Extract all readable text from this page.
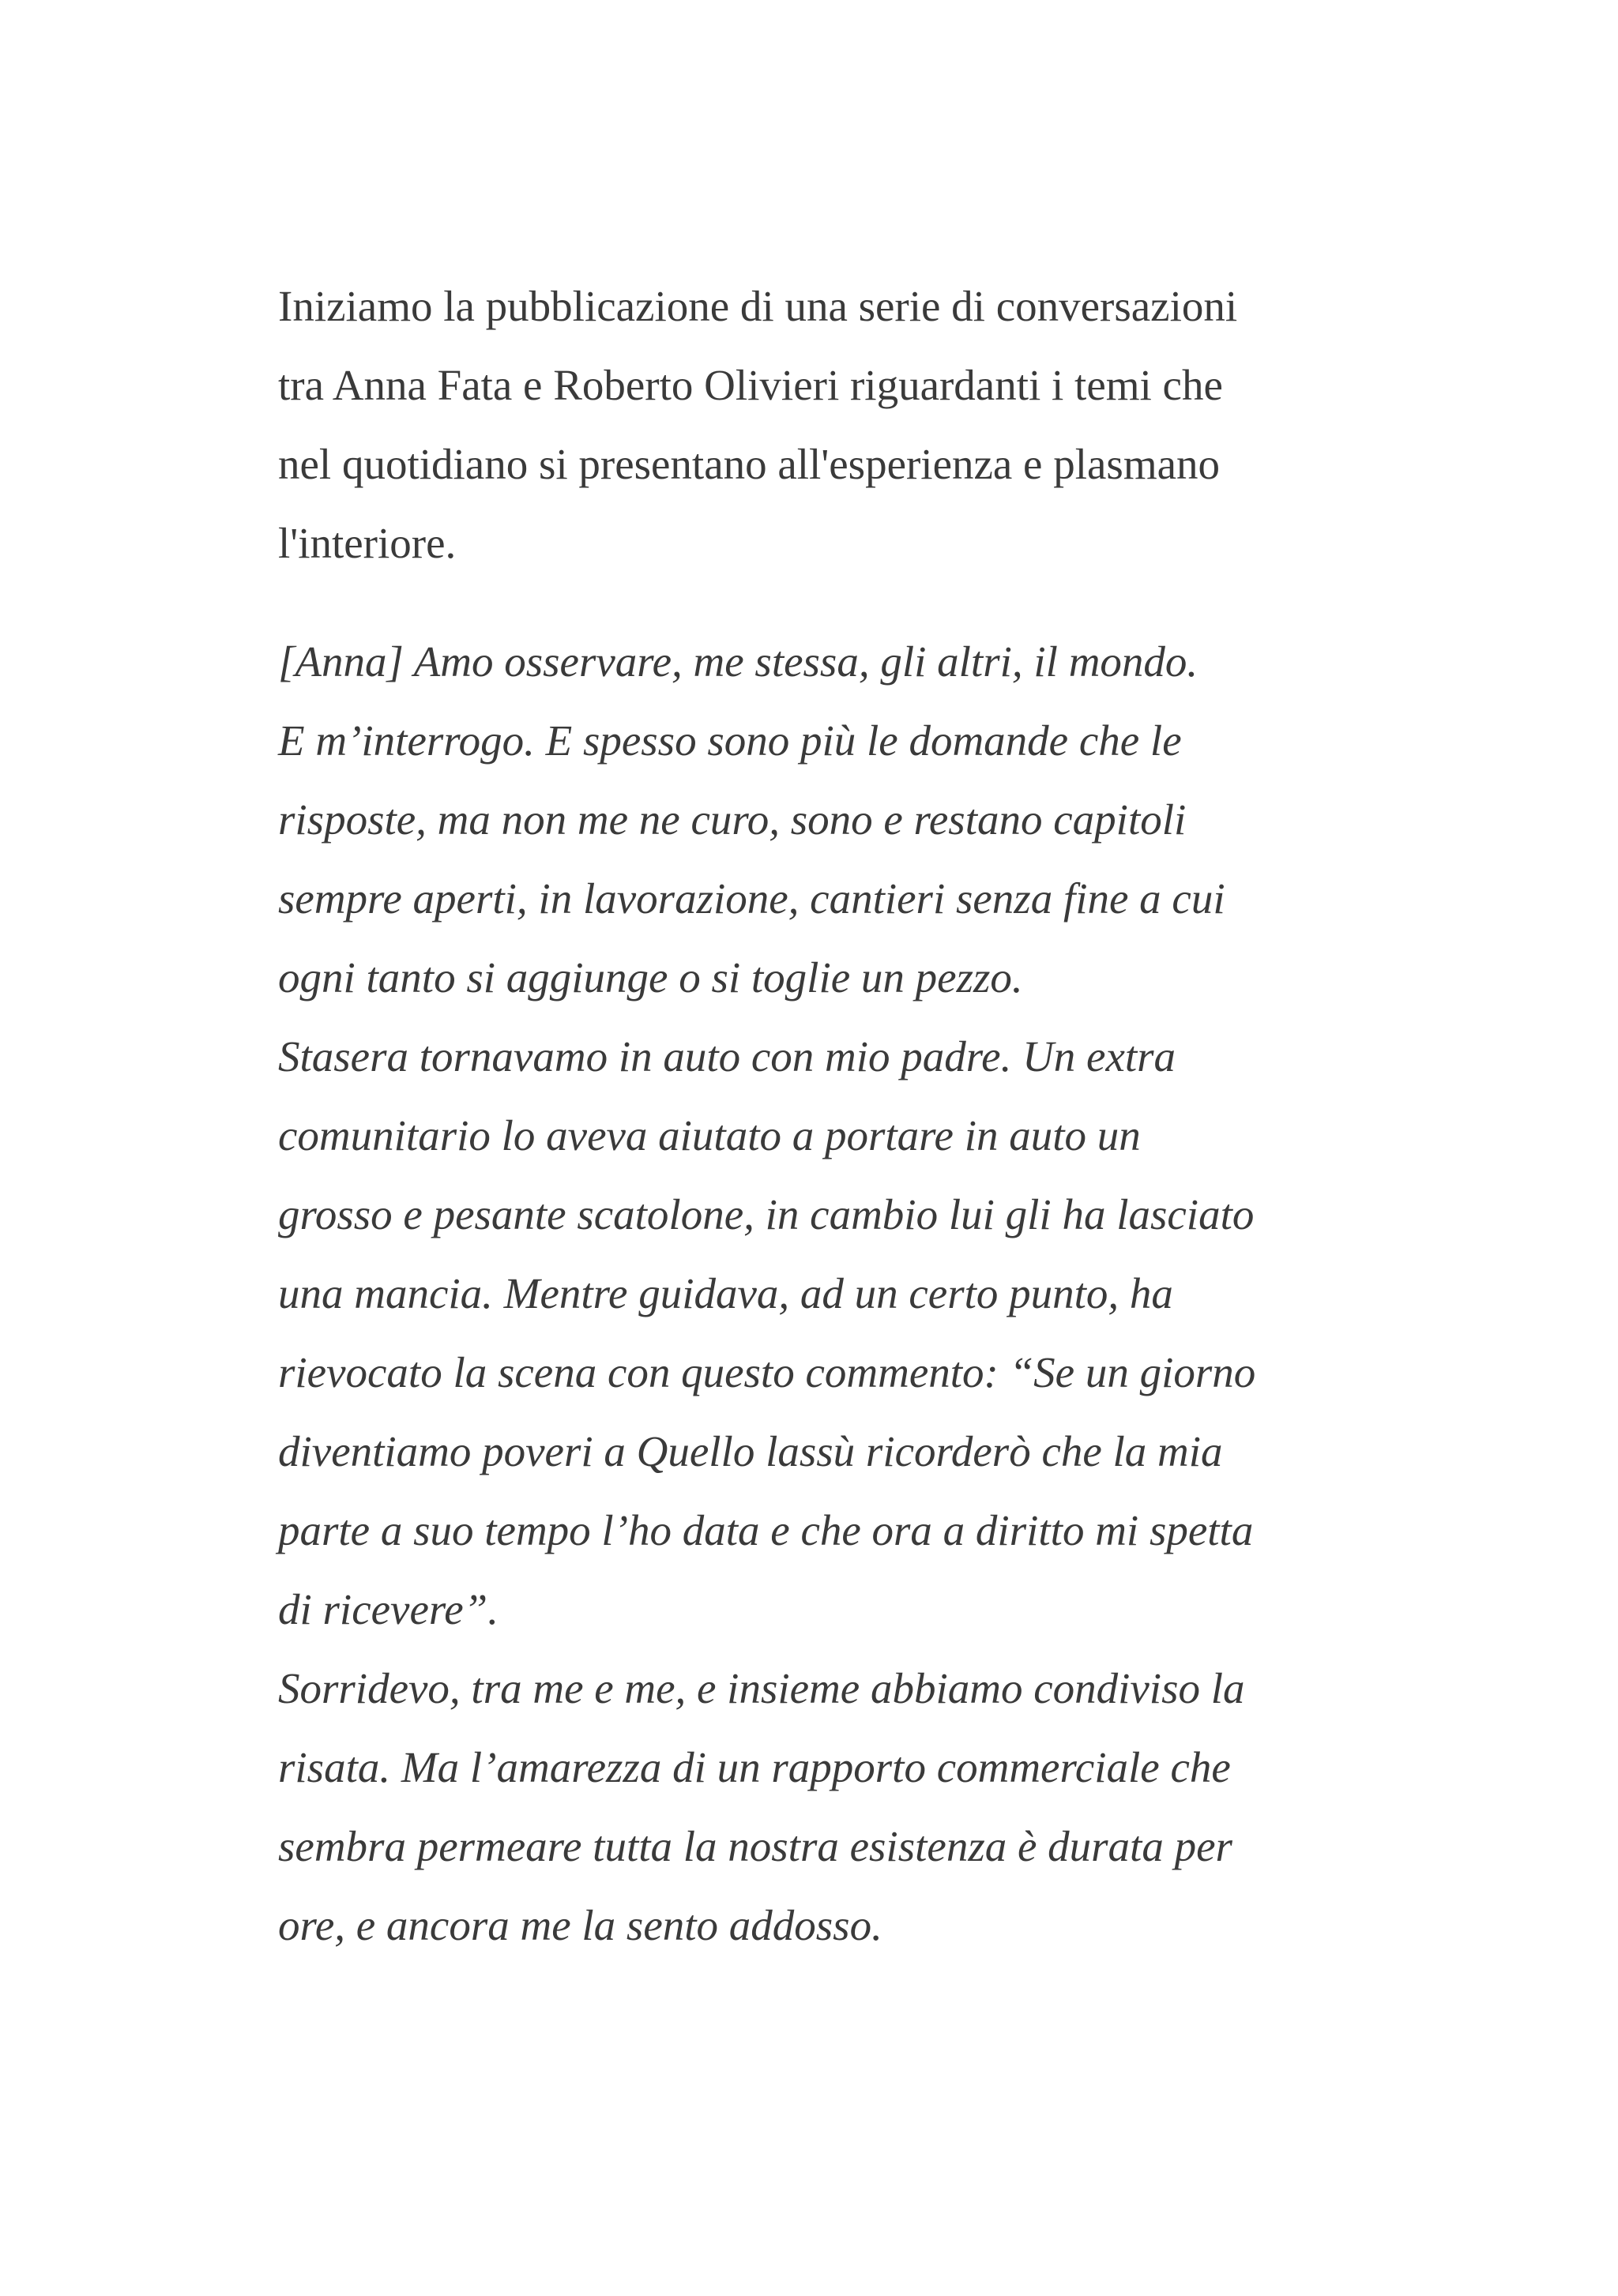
Iniziamo la pubblicazione di una serie di conversazioni
tra Anna Fata e Roberto Olivieri riguardanti i temi che
nel quotidiano si presentano all'esperienza e plasmano
l'interiore.
[Anna] Amo osservare, me stessa, gli altri, il mondo.
E m’interrogo. E spesso sono più le domande che le
risposte, ma non me ne curo, sono e restano capitoli
sempre aperti, in lavorazione, cantieri senza fine a cui
ogni tanto si aggiunge o si toglie un pezzo.
Stasera tornavamo in auto con mio padre. Un extra
comunitario lo aveva aiutato a portare in auto un
grosso e pesante scatolone, in cambio lui gli ha lasciato
una mancia. Mentre guidava, ad un certo punto, ha
rievocato la scena con questo commento: “Se un giorno
diventiamo poveri a Quello lassù ricorderò che la mia
parte a suo tempo l’ho data e che ora a diritto mi spetta
di ricevere”.
Sorridevo, tra me e me, e insieme abbiamo condiviso la
risata. Ma l’amarezza di un rapporto commerciale che
sembra permeare tutta la nostra esistenza è durata per
ore, e ancora me la sento addosso.
